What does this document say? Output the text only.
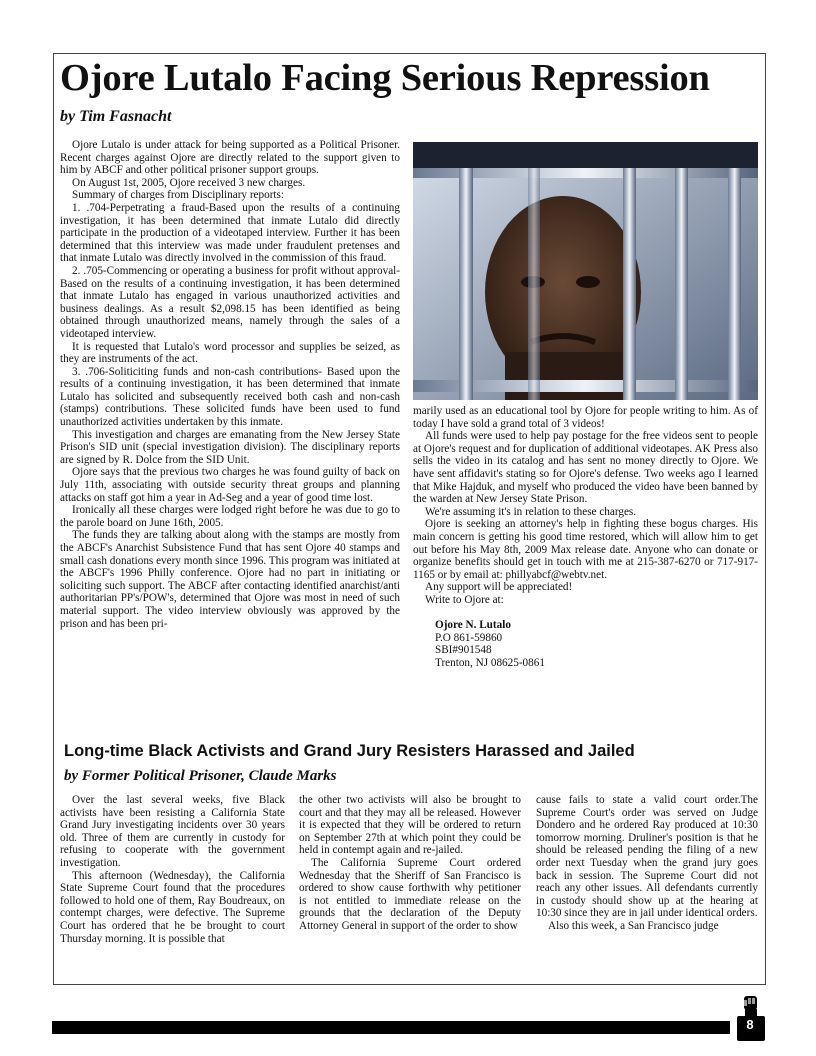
Ojore Lutalo Facing Serious Repression
by Tim Fasnacht

Ojore Lutalo is under attack for being supported as a Political Prisoner. Recent charges against Ojore are directly related to the support given to him by ABCF and other political prisoner support groups.

On August 1st, 2005, Ojore received 3 new charges.

Summary of charges from Disciplinary reports:

1. .704-Perpetrating a fraud-Based upon the results of a continuing investigation, it has been determined that inmate Lutalo did directly participate in the production of a videotaped interview. Further it has been determined that this interview was made under fraudulent pretenses and that inmate Lutalo was directly involved in the commission of this fraud.

2. .705-Commencing or operating a business for profit without approval- Based on the results of a continuing investigation, it has been determined that inmate Lutalo has engaged in various unauthorized activities and business dealings. As a result $2,098.15 has been identified as being obtained through unauthorized means, namely through the sales of a videotaped interview.

It is requested that Lutalo's word processor and supplies be seized, as they are instruments of the act.

3. .706-Soliticiting funds and non-cash contributions- Based upon the results of a continuing investigation, it has been determined that inmate Lutalo has solicited and subsequently received both cash and non-cash (stamps) contributions. These solicited funds have been used to fund unauthorized activities undertaken by this inmate.

This investigation and charges are emanating from the New Jersey State Prison's SID unit (special investigation division). The disciplinary reports are signed by R. Dolce from the SID Unit.

Ojore says that the previous two charges he was found guilty of back on July 11th, associating with outside security threat groups and planning attacks on staff got him a year in Ad-Seg and a year of good time lost.

Ironically all these charges were lodged right before he was due to go to the parole board on June 16th, 2005.

The funds they are talking about along with the stamps are mostly from the ABCF's Anarchist Subsistence Fund that has sent Ojore 40 stamps and small cash donations every month since 1996. This program was initiated at the ABCF's 1996 Philly conference. Ojore had no part in initiating or soliciting such support. The ABCF after contacting identified anarchist/anti authoritarian PP's/POW's, determined that Ojore was most in need of such material support. The video interview obviously was approved by the prison and has been pri-

marily used as an educational tool by Ojore for people writing to him. As of today I have sold a grand total of 3 videos!

All funds were used to help pay postage for the free videos sent to people at Ojore's request and for duplication of additional videotapes. AK Press also sells the video in its catalog and has sent no money directly to Ojore. We have sent affidavit's stating so for Ojore's defense. Two weeks ago I learned that Mike Hajduk, and myself who produced the video have been banned by the warden at New Jersey State Prison.

We're assuming it's in relation to these charges.

Ojore is seeking an attorney's help in fighting these bogus charges. His main concern is getting his good time restored, which will allow him to get out before his May 8th, 2009 Max release date. Anyone who can donate or organize benefits should get in touch with me at 215-387-6270 or 717-917-1165 or by email at: phillyabcf@webtv.net.

Any support will be appreciated!

Write to Ojore at:

Ojore N. Lutalo
P.O 861-59860
SBI#901548
Trenton, NJ 08625-0861
Long-time Black Activists and Grand Jury Resisters Harassed and Jailed
by Former Political Prisoner, Claude Marks

Over the last several weeks, five Black activists have been resisting a California State Grand Jury investigating incidents over 30 years old. Three of them are currently in custody for refusing to cooperate with the government investigation.

This afternoon (Wednesday), the California State Supreme Court found that the procedures followed to hold one of them, Ray Boudreaux, on contempt charges, were defective. The Supreme Court has ordered that he be brought to court Thursday morning. It is possible that

the other two activists will also be brought to court and that they may all be released. However it is expected that they will be ordered to return on September 27th at which point they could be held in contempt again and re-jailed.

The California Supreme Court ordered Wednesday that the Sheriff of San Francisco is ordered to show cause forthwith why petitioner is not entitled to immediate release on the grounds that the declaration of the Deputy Attorney General in support of the order to show

cause fails to state a valid court order.The Supreme Court's order was served on Judge Dondero and he ordered Ray produced at 10:30 tomorrow morning. Druliner's position is that he should be released pending the filing of a new order next Tuesday when the grand jury goes back in session. The Supreme Court did not reach any other issues. All defendants currently in custody should show up at the hearing at 10:30 since they are in jail under identical orders.

Also this week, a San Francisco judge

8
